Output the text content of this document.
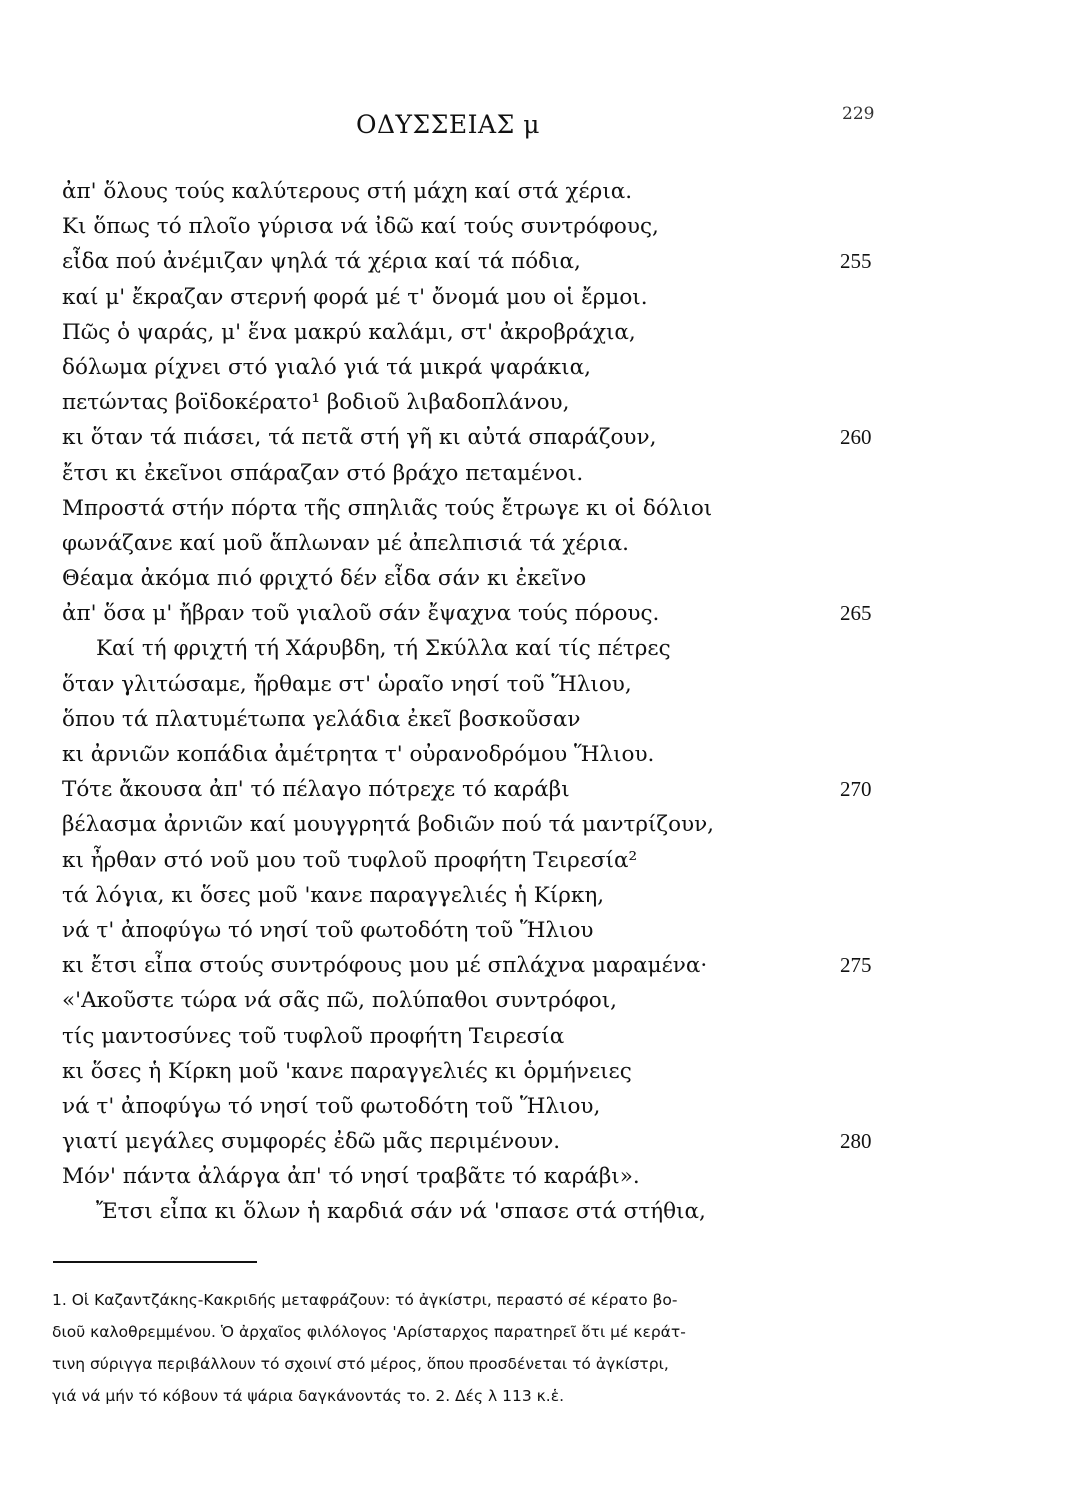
ΟΔΥΣΣΕΙΑΣ μ	229
ἀπ' ὅλους τούς καλύτερους στή μάχη καί στά χέρια.
Κι ὅπως τό πλοῖο γύρισα νά ἰδῶ καί τούς συντρόφους,
εἶδα πού ἀνέμιζαν ψηλά τά χέρια καί τά πόδια,	255
καί μ' ἔκραζαν στερνή φορά μέ τ' ὄνομά μου οἱ ἔρμοι.
Πῶς ὁ ψαράς, μ' ἕνα μακρύ καλάμι, στ' ἀκροβράχια,
δόλωμα ρίχνει στό γιαλό γιά τά μικρά ψαράκια,
πετώντας βοϊδοκέρατο¹ βοδιοῦ λιβαδοπλάνου,
κι ὅταν τά πιάσει, τά πετᾶ στή γῆ κι αὐτά σπαράζουν,	260
ἔτσι κι ἐκεῖνοι σπάραζαν στό βράχο πεταμένοι.
Μπροστά στήν πόρτα τῆς σπηλιᾶς τούς ἔτρωγε κι οἱ δόλιοι
φωνάζανε καί μοῦ ἅπλωναν μέ ἀπελπισιά τά χέρια.
Θέαμα ἀκόμα πιό φριχτό δέν εἶδα σάν κι ἐκεῖνο
ἀπ' ὅσα μ' ἤβραν τοῦ γιαλοῦ σάν ἔψαχνα τούς πόρους.	265
Καί τή φριχτή τή Χάρυβδη, τή Σκύλλα καί τίς πέτρες
ὅταν γλιτώσαμε, ἤρθαμε στ' ὡραῖο νησί τοῦ Ἥλιου,
ὅπου τά πλατυμέτωπα γελάδια ἐκεῖ βοσκοῦσαν
κι ἀρνιῶν κοπάδια ἀμέτρητα τ' οὐρανοδρόμου Ἥλιου.
Τότε ἄκουσα ἀπ' τό πέλαγο πότρεχε τό καράβι	270
βέλασμα ἀρνιῶν καί μουγγρητά βοδιῶν πού τά μαντρίζουν,
κι ἦρθαν στό νοῦ μου τοῦ τυφλοῦ προφήτη Τειρεσία²
τά λόγια, κι ὅσες μοῦ 'κανε παραγγελιές ἡ Κίρκη,
νά τ' ἀποφύγω τό νησί τοῦ φωτοδότη τοῦ Ἥλιου
κι ἔτσι εἶπα στούς συντρόφους μου μέ σπλάχνα μαραμένα·	275
«'Ακοῦστε τώρα νά σᾶς πῶ, πολύπαθοι συντρόφοι,
τίς μαντοσύνες τοῦ τυφλοῦ προφήτη Τειρεσία
κι ὅσες ἡ Κίρκη μοῦ 'κανε παραγγελιές κι ὁρμήνειες
νά τ' ἀποφύγω τό νησί τοῦ φωτοδότη τοῦ Ἥλιου,
γιατί μεγάλες συμφορές ἐδῶ μᾶς περιμένουν.	280
Μόν' πάντα ἀλάργα ἀπ' τό νησί τραβᾶτε τό καράβι».
Ἔτσι εἶπα κι ὅλων ἡ καρδιά σάν νά 'σπασε στά στήθια,
1. Οἱ Καζαντζάκης-Κακριδής μεταφράζουν: τό ἀγκίστρι, περαστό σέ κέρατο βο-
διοῦ καλοθρεμμένου. Ὁ ἀρχαῖος φιλόλογος 'Αρίσταρχος παρατηρεῖ ὅτι μέ κεράτ-
τινη σύριγγα περιβάλλουν τό σχοινί στό μέρος, ὅπου προσδένεται τό ἀγκίστρι,
γιά νά μήν τό κόβουν τά ψάρια δαγκάνοντάς το. 2. Δές λ 113 κ.ἑ.
